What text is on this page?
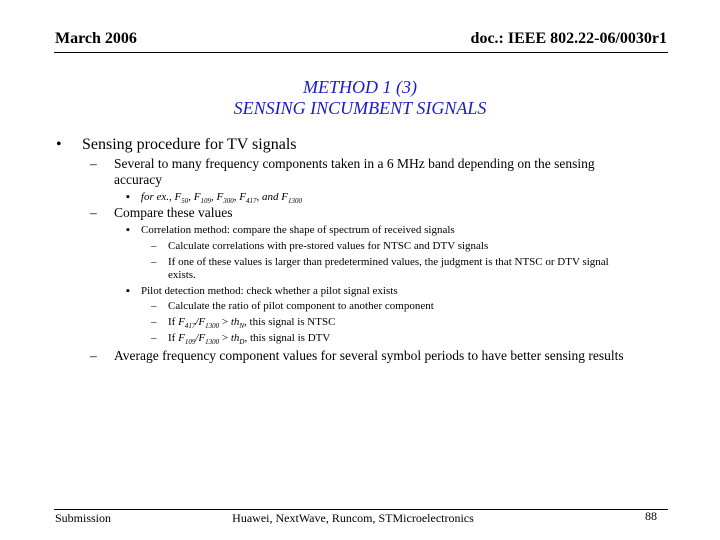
March 2006	doc.: IEEE 802.22-06/0030r1
METHOD 1 (3)
SENSING INCUMBENT SIGNALS
• Sensing procedure for TV signals
– Several to many frequency components taken in a 6 MHz band depending on the sensing
accuracy
▪    for ex., $F_{50}$, $F_{109}$, $F_{300}$, $F_{417}$, and $F_{1300}$
– Compare these values
▪ Correlation method: compare the shape of spectrum of received signals
– Calculate correlations with pre-stored values for NTSC and DTV signals
– If one of these values is larger than predetermined values, the judgment is that NTSC or DTV signal
exists.
▪ Pilot detection method: check whether a pilot signal exists
– Calculate the ratio of pilot component to another component
– If $F_{417}/F_{1300} > th_N$, this signal is NTSC
– If $F_{109}/F_{1300} > th_D$, this signal is DTV
– Average frequency component values for several symbol periods to have better sensing results
Submission	Huawei, NextWave, Runcom, STMicroelectronics	88
